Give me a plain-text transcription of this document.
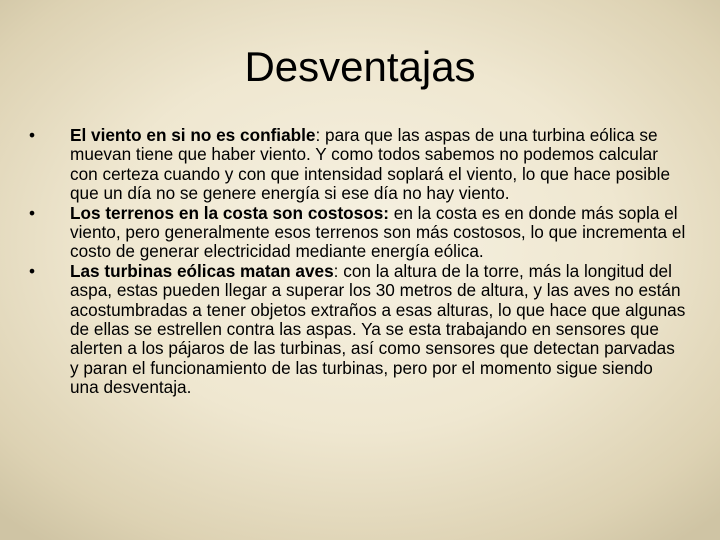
Desventajas
•	El viento en si no es confiable: para que las aspas de una turbina eólica se muevan tiene que haber viento. Y como todos sabemos no podemos calcular con certeza cuando y con que intensidad soplará el viento, lo que hace posible que un día no se genere energía si ese día no hay viento.
•	Los terrenos en la costa son costosos: en la costa es en donde más sopla el viento, pero generalmente esos terrenos son más costosos, lo que incrementa el costo de generar electricidad mediante energía eólica.
•	Las turbinas eólicas matan aves: con la altura de la torre, más la longitud del aspa, estas pueden llegar a superar los 30 metros de altura, y las aves no están acostumbradas a tener objetos extraños a esas alturas, lo que hace que algunas de ellas se estrellen contra las aspas. Ya se esta trabajando en sensores que alerten a los pájaros de las turbinas, así como sensores que detectan parvadas y paran el funcionamiento de las turbinas, pero por el momento sigue siendo una desventaja.
